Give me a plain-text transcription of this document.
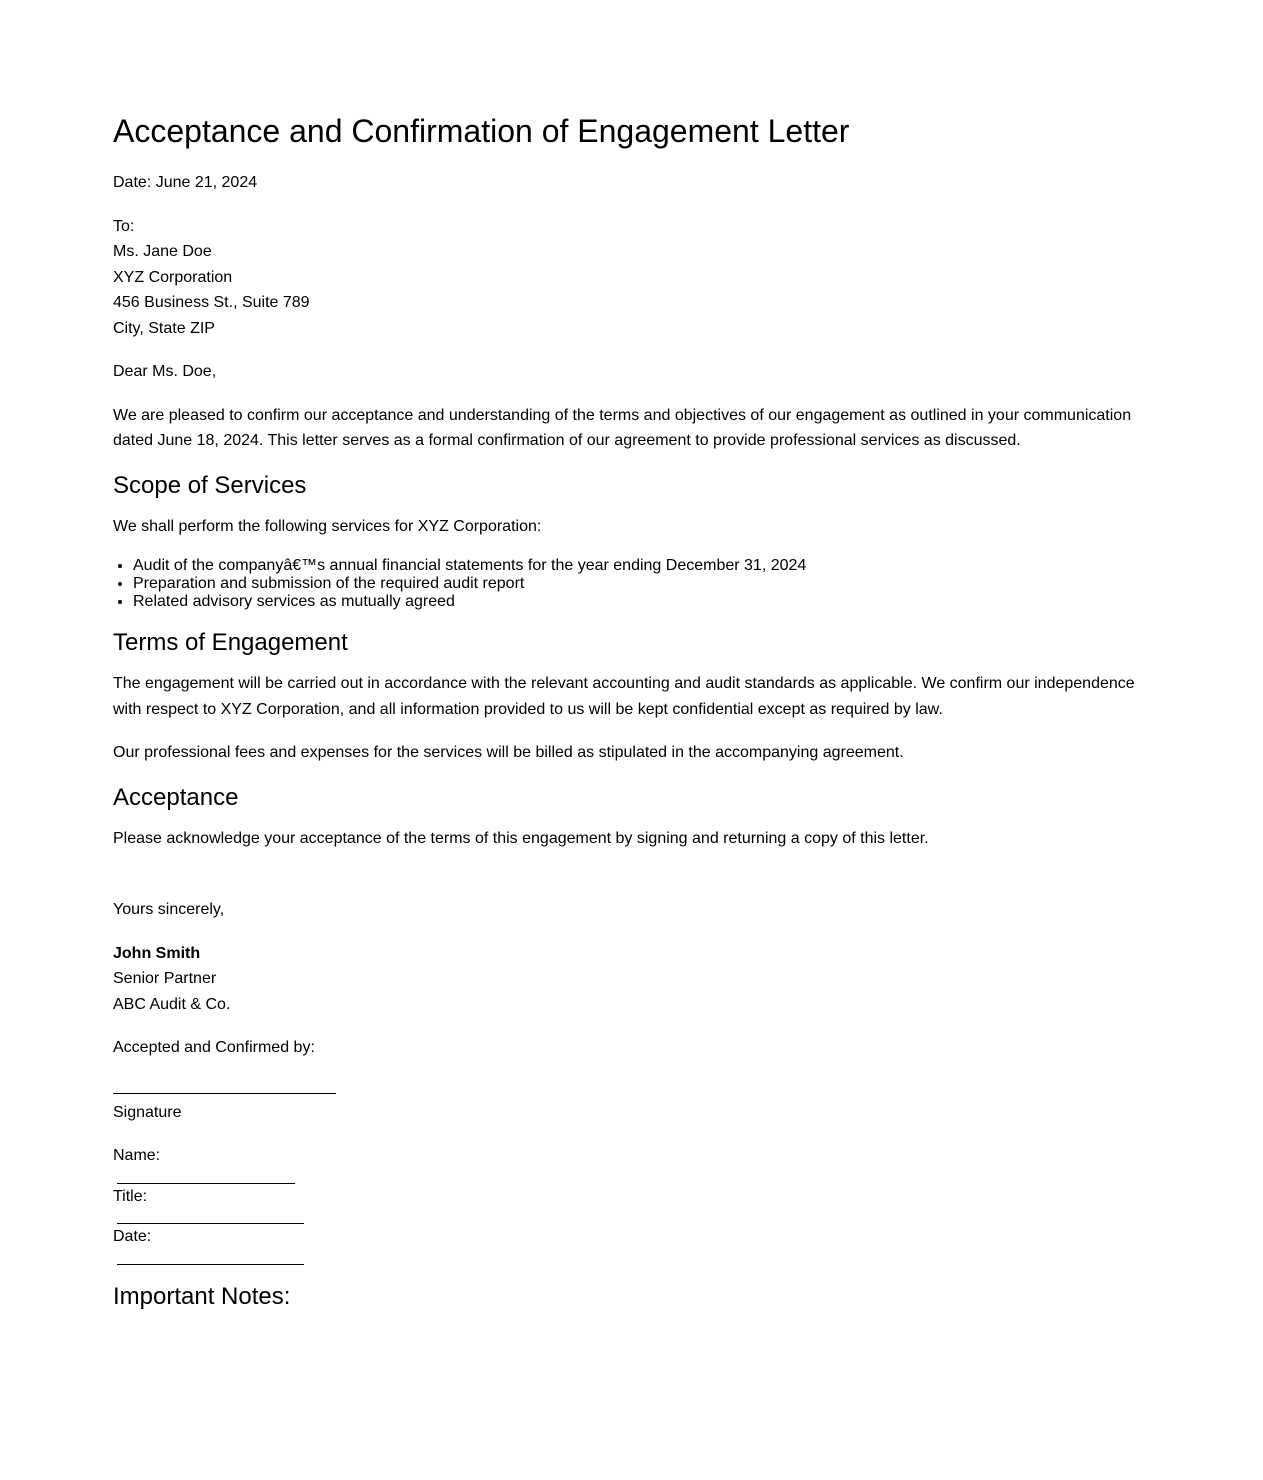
Acceptance and Confirmation of Engagement Letter

Date: June 21, 2024

To:
Ms. Jane Doe
XYZ Corporation
456 Business St., Suite 789
City, State ZIP

Dear Ms. Doe,

We are pleased to confirm our acceptance and understanding of the terms and objectives of our engagement as outlined in your communication dated June 18, 2024. This letter serves as a formal confirmation of our agreement to provide professional services as discussed.

Scope of Services

We shall perform the following services for XYZ Corporation:

• Audit of the companyâ€™s annual financial statements for the year ending December 31, 2024
• Preparation and submission of the required audit report
• Related advisory services as mutually agreed
Terms of Engagement

The engagement will be carried out in accordance with the relevant accounting and audit standards as applicable. We confirm our independence with respect to XYZ Corporation, and all information provided to us will be kept confidential except as required by law.

Our professional fees and expenses for the services will be billed as stipulated in the accompanying agreement.

Acceptance

Please acknowledge your acceptance of the terms of this engagement by signing and returning a copy of this letter.

Yours sincerely,

John Smith
Senior Partner
ABC Audit & Co.

Accepted and Confirmed by:

Signature

Name:
Title:
Date:

Important Notes:
